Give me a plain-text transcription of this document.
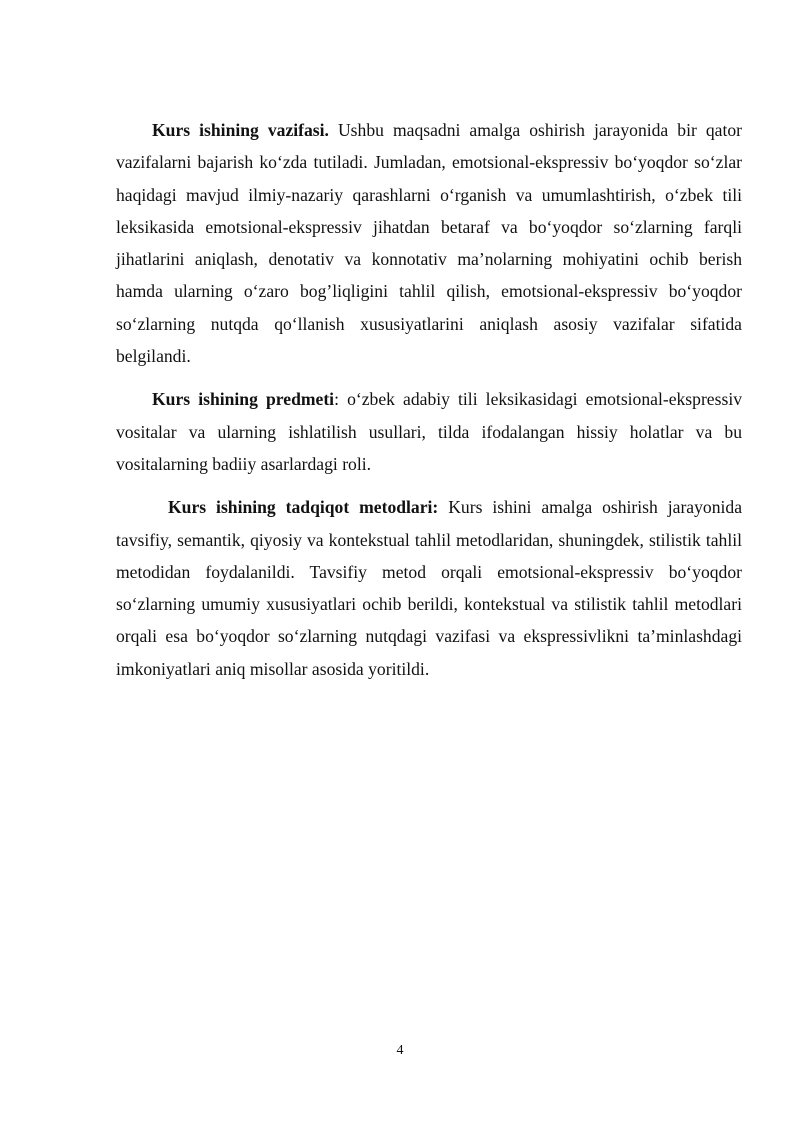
Kurs ishining vazifasi. Ushbu maqsadni amalga oshirish jarayonida bir qator vazifalarni bajarish ko‘zda tutiladi. Jumladan, emotsional-ekspressiv bo‘yoqdor so‘zlar haqidagi mavjud ilmiy-nazariy qarashlarni o‘rganish va umumlashtirish, o‘zbek tili leksikasida emotsional-ekspressiv jihatdan betaraf va bo‘yoqdor so‘zlarning farqli jihatlarini aniqlash, denotativ va konnotativ ma’nolarning mohiyatini ochib berish hamda ularning o‘zaro bog’liqligini tahlil qilish, emotsional-ekspressiv bo‘yoqdor so‘zlarning nutqda qo‘llanish xususiyatlarini aniqlash asosiy vazifalar sifatida belgilandi.

Kurs ishining predmeti: o‘zbek adabiy tili leksikasidagi emotsional-ekspressiv vositalar va ularning ishlatilish usullari, tilda ifodalangan hissiy holatlar va bu vositalarning badiiy asarlardagi roli.

Kurs ishining tadqiqot metodlari: Kurs ishini amalga oshirish jarayonida tavsifiy, semantik, qiyosiy va kontekstual tahlil metodlaridan, shuningdek, stilistik tahlil metodidan foydalanildi. Tavsifiy metod orqali emotsional-ekspressiv bo‘yoqdor so‘zlarning umumiy xususiyatlari ochib berildi, kontekstual va stilistik tahlil metodlari orqali esa bo‘yoqdor so‘zlarning nutqdagi vazifasi va ekspressivlikni ta’minlashdagi imkoniyatlari aniq misollar asosida yoritildi.

4
